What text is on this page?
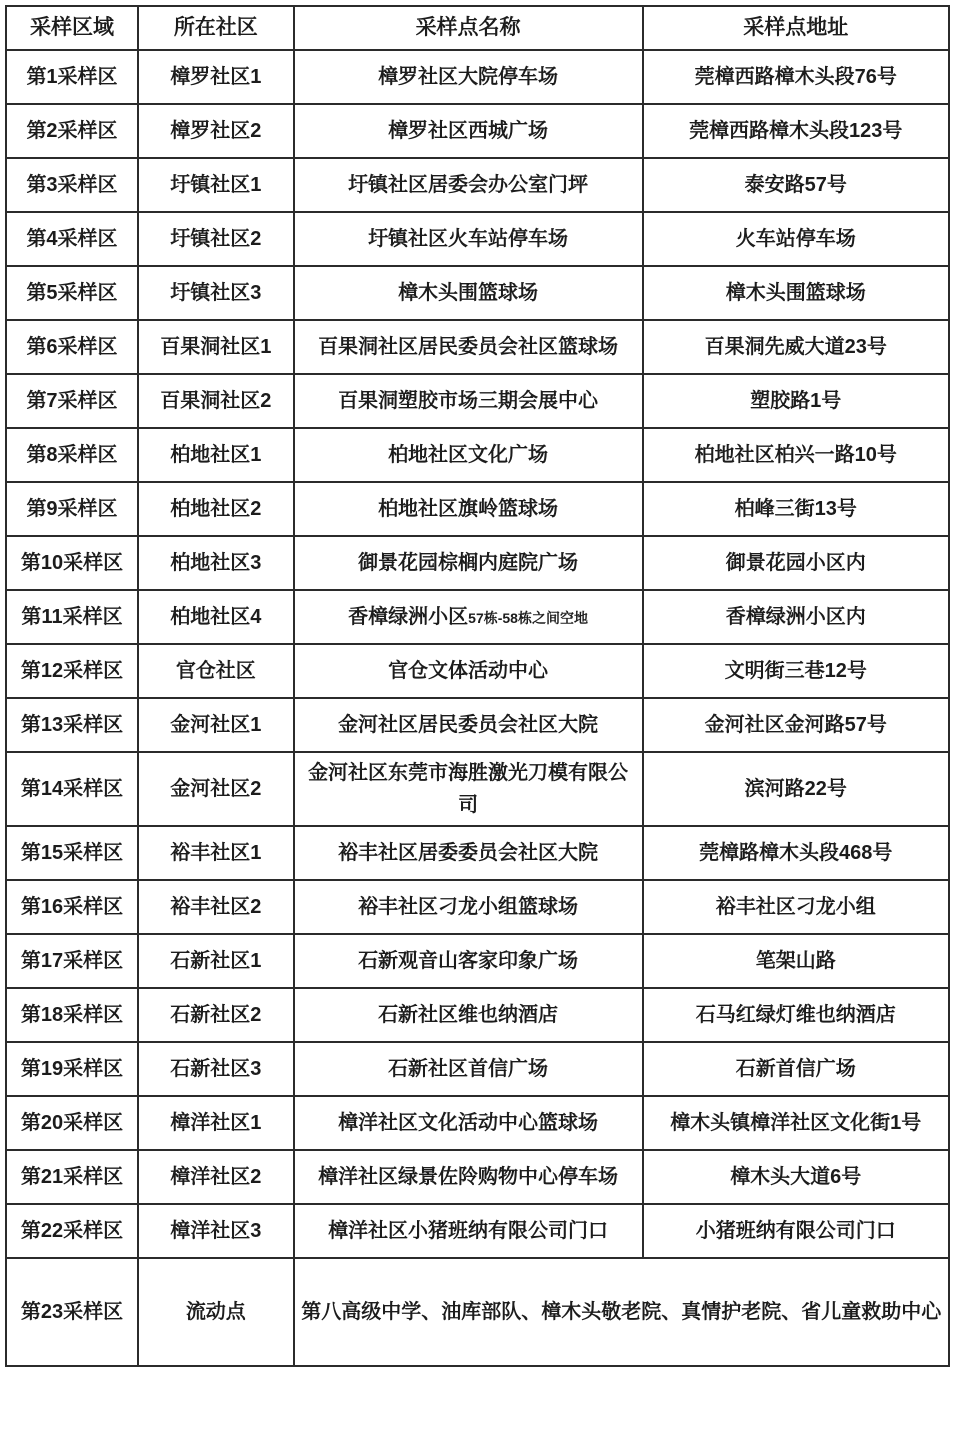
采样区域	所在社区	采样点名称	采样点地址
第1采样区	樟罗社区1	樟罗社区大院停车场	莞樟西路樟木头段76号
第2采样区	樟罗社区2	樟罗社区西城广场	莞樟西路樟木头段123号
第3采样区	圩镇社区1	圩镇社区居委会办公室门坪	泰安路57号
第4采样区	圩镇社区2	圩镇社区火车站停车场	火车站停车场
第5采样区	圩镇社区3	樟木头围篮球场	樟木头围篮球场
第6采样区	百果洞社区1	百果洞社区居民委员会社区篮球场	百果洞先威大道23号
第7采样区	百果洞社区2	百果洞塑胶市场三期会展中心	塑胶路1号
第8采样区	柏地社区1	柏地社区文化广场	柏地社区柏兴一路10号
第9采样区	柏地社区2	柏地社区旗岭篮球场	柏峰三街13号
第10采样区	柏地社区3	御景花园棕榈内庭院广场	御景花园小区内
第11采样区	柏地社区4	香樟绿洲小区57栋-58栋之间空地	香樟绿洲小区内
第12采样区	官仓社区	官仓文体活动中心	文明街三巷12号
第13采样区	金河社区1	金河社区居民委员会社区大院	金河社区金河路57号
第14采样区	金河社区2	金河社区东莞市海胜激光刀模有限公司	滨河路22号
第15采样区	裕丰社区1	裕丰社区居委委员会社区大院	莞樟路樟木头段468号
第16采样区	裕丰社区2	裕丰社区刁龙小组篮球场	裕丰社区刁龙小组
第17采样区	石新社区1	石新观音山客家印象广场	笔架山路
第18采样区	石新社区2	石新社区维也纳酒店	石马红绿灯维也纳酒店
第19采样区	石新社区3	石新社区首信广场	石新首信广场
第20采样区	樟洋社区1	樟洋社区文化活动中心篮球场	樟木头镇樟洋社区文化街1号
第21采样区	樟洋社区2	樟洋社区绿景佐阾购物中心停车场	樟木头大道6号
第22采样区	樟洋社区3	樟洋社区小猪班纳有限公司门口	小猪班纳有限公司门口
第23采样区	流动点	第八高级中学、油库部队、樟木头敬老院、真情护老院、省儿童救助中心	
